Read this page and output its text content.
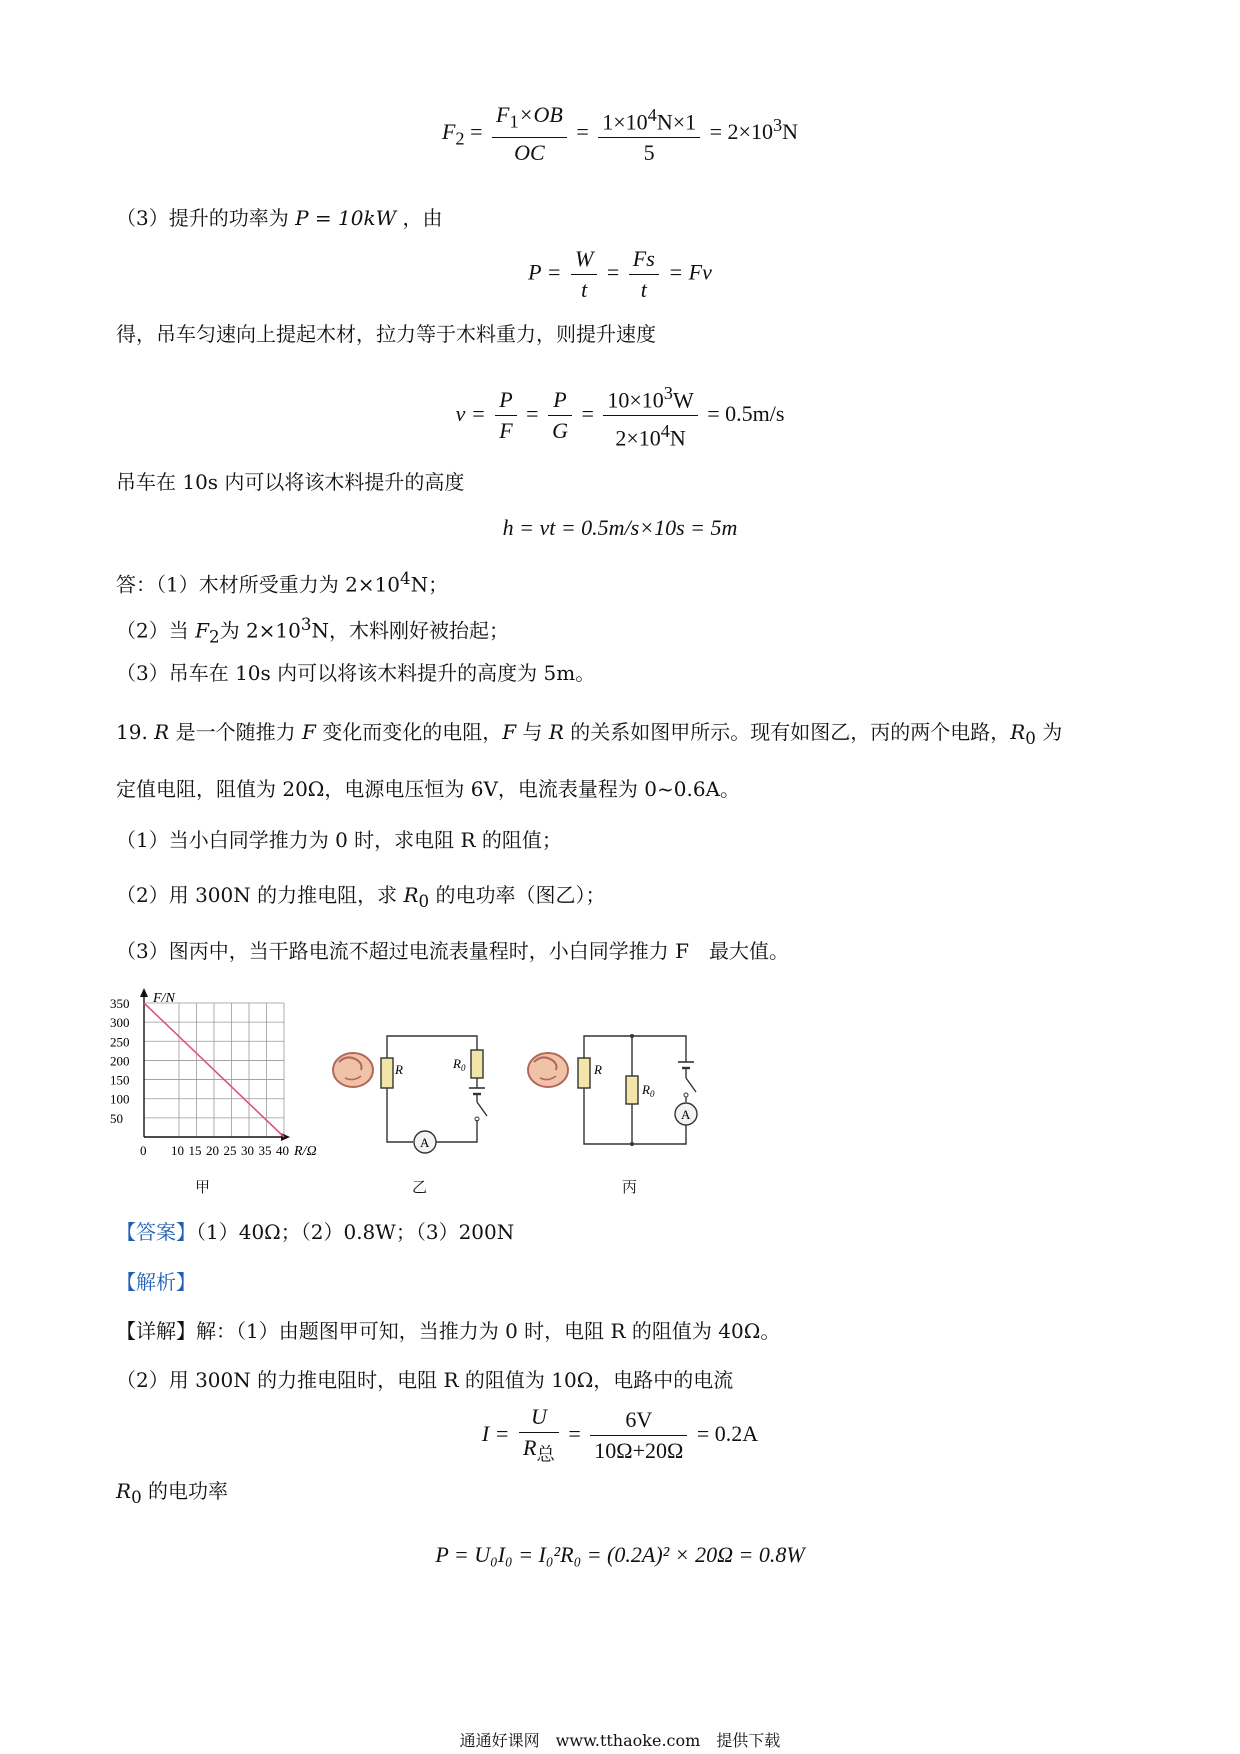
$F_2 = \frac{F_1\times OB}{OC} = \frac{1\times 10^4N\times 1}{5} = 2\times 10^3N$
（3）提升的功率为 P = 10kW ，由
$P = \frac{W}{t} = \frac{Fs}{t} = Fv$
得，吊车匀速向上提起木材，拉力等于木料重力，则提升速度
$v = \frac{P}{F} = \frac{P}{G} = \frac{10\times 10^3W}{2\times 10^4N} = 0.5m/s$
吊车在 10s 内可以将该木料提升的高度
h = vt = 0.5m/s×10s = 5m
答：（1）木材所受重力为 $2\times 10^4N$；
（2）当 $F_2$为 $2\times 10^3N$，木料刚好被抬起；
（3）吊车在 10s 内可以将该木料提升的高度为 5m。
19. R 是一个随推力 F 变化而变化的电阻，F 与 R 的关系如图甲所示。现有如图乙，丙的两个电路，$R_0$ 为
定值电阻，阻值为 20Ω，电源电压恒为 6V，电流表量程为 0~0.6A。
（1）当小白同学推力为 0 时，求电阻 R 的阻值；
（2）用 300N 的力推电阻，求 $R_0$ 的电功率（图乙）；
（3）图丙中，当干路电流不超过电流表量程时，小白同学推力 F　最大值。
F/N
R/Ω
350
300
250
200
150
100
50
0 10 15 20 25 30 35 40
甲
A
R	$R_0$
乙
A
R
$R_0$
丙
【答案】（1）40Ω；（2）0.8W；（3）200N
【解析】
【详解】解：（1）由题图甲可知，当推力为 0 时，电阻 R 的阻值为 40Ω。
（2）用 300N 的力推电阻时，电阻 R 的阻值为 10Ω，电路中的电流
$I = \frac{U}{R_总} = \frac{6V}{10\Omega+20\Omega} = 0.2A$
$R_0$ 的电功率
P = U₀I₀ = I₀²R₀ = (0.2A)² × 20Ω = 0.8W
通通好课网　www.tthaoke.com　提供下载
